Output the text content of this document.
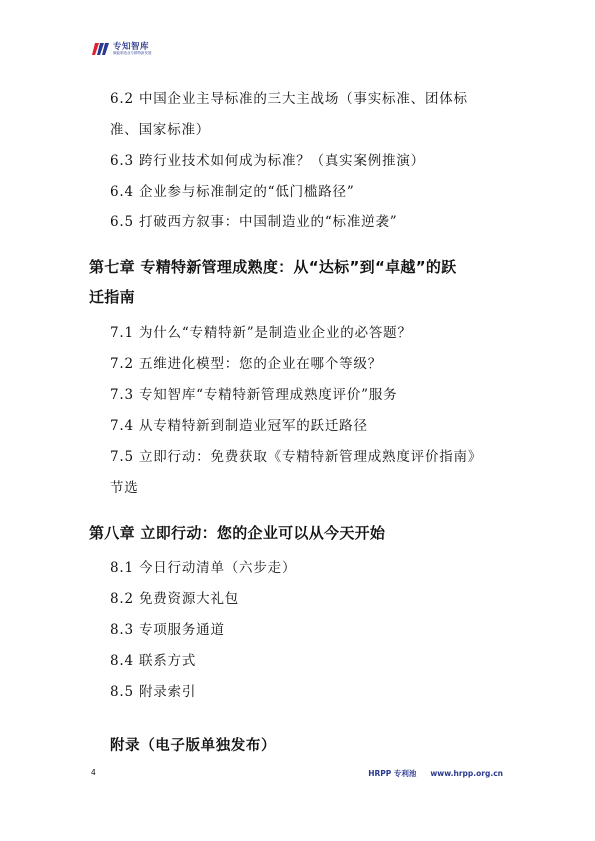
专知智库
赋能制造业专精特新发展
6.2 中国企业主导标准的三大主战场（事实标准、团体标
准、国家标准）
6.3 跨行业技术如何成为标准？（真实案例推演）
6.4 企业参与标准制定的“低门槛路径”
6.5 打破西方叙事：中国制造业的“标准逆袭”
第七章 专精特新管理成熟度：从“达标”到“卓越”的跃
迁指南
7.1 为什么“专精特新”是制造业企业的必答题？
7.2 五维进化模型：您的企业在哪个等级？
7.3 专知智库“专精特新管理成熟度评价”服务
7.4 从专精特新到制造业冠军的跃迁路径
7.5 立即行动：免费获取《专精特新管理成熟度评价指南》
节选
第八章 立即行动：您的企业可以从今天开始
8.1 今日行动清单（六步走）
8.2 免费资源大礼包
8.3 专项服务通道
8.4 联系方式
8.5 附录索引
附录（电子版单独发布）
4	HRPP 专利池 www.hrpp.org.cn
